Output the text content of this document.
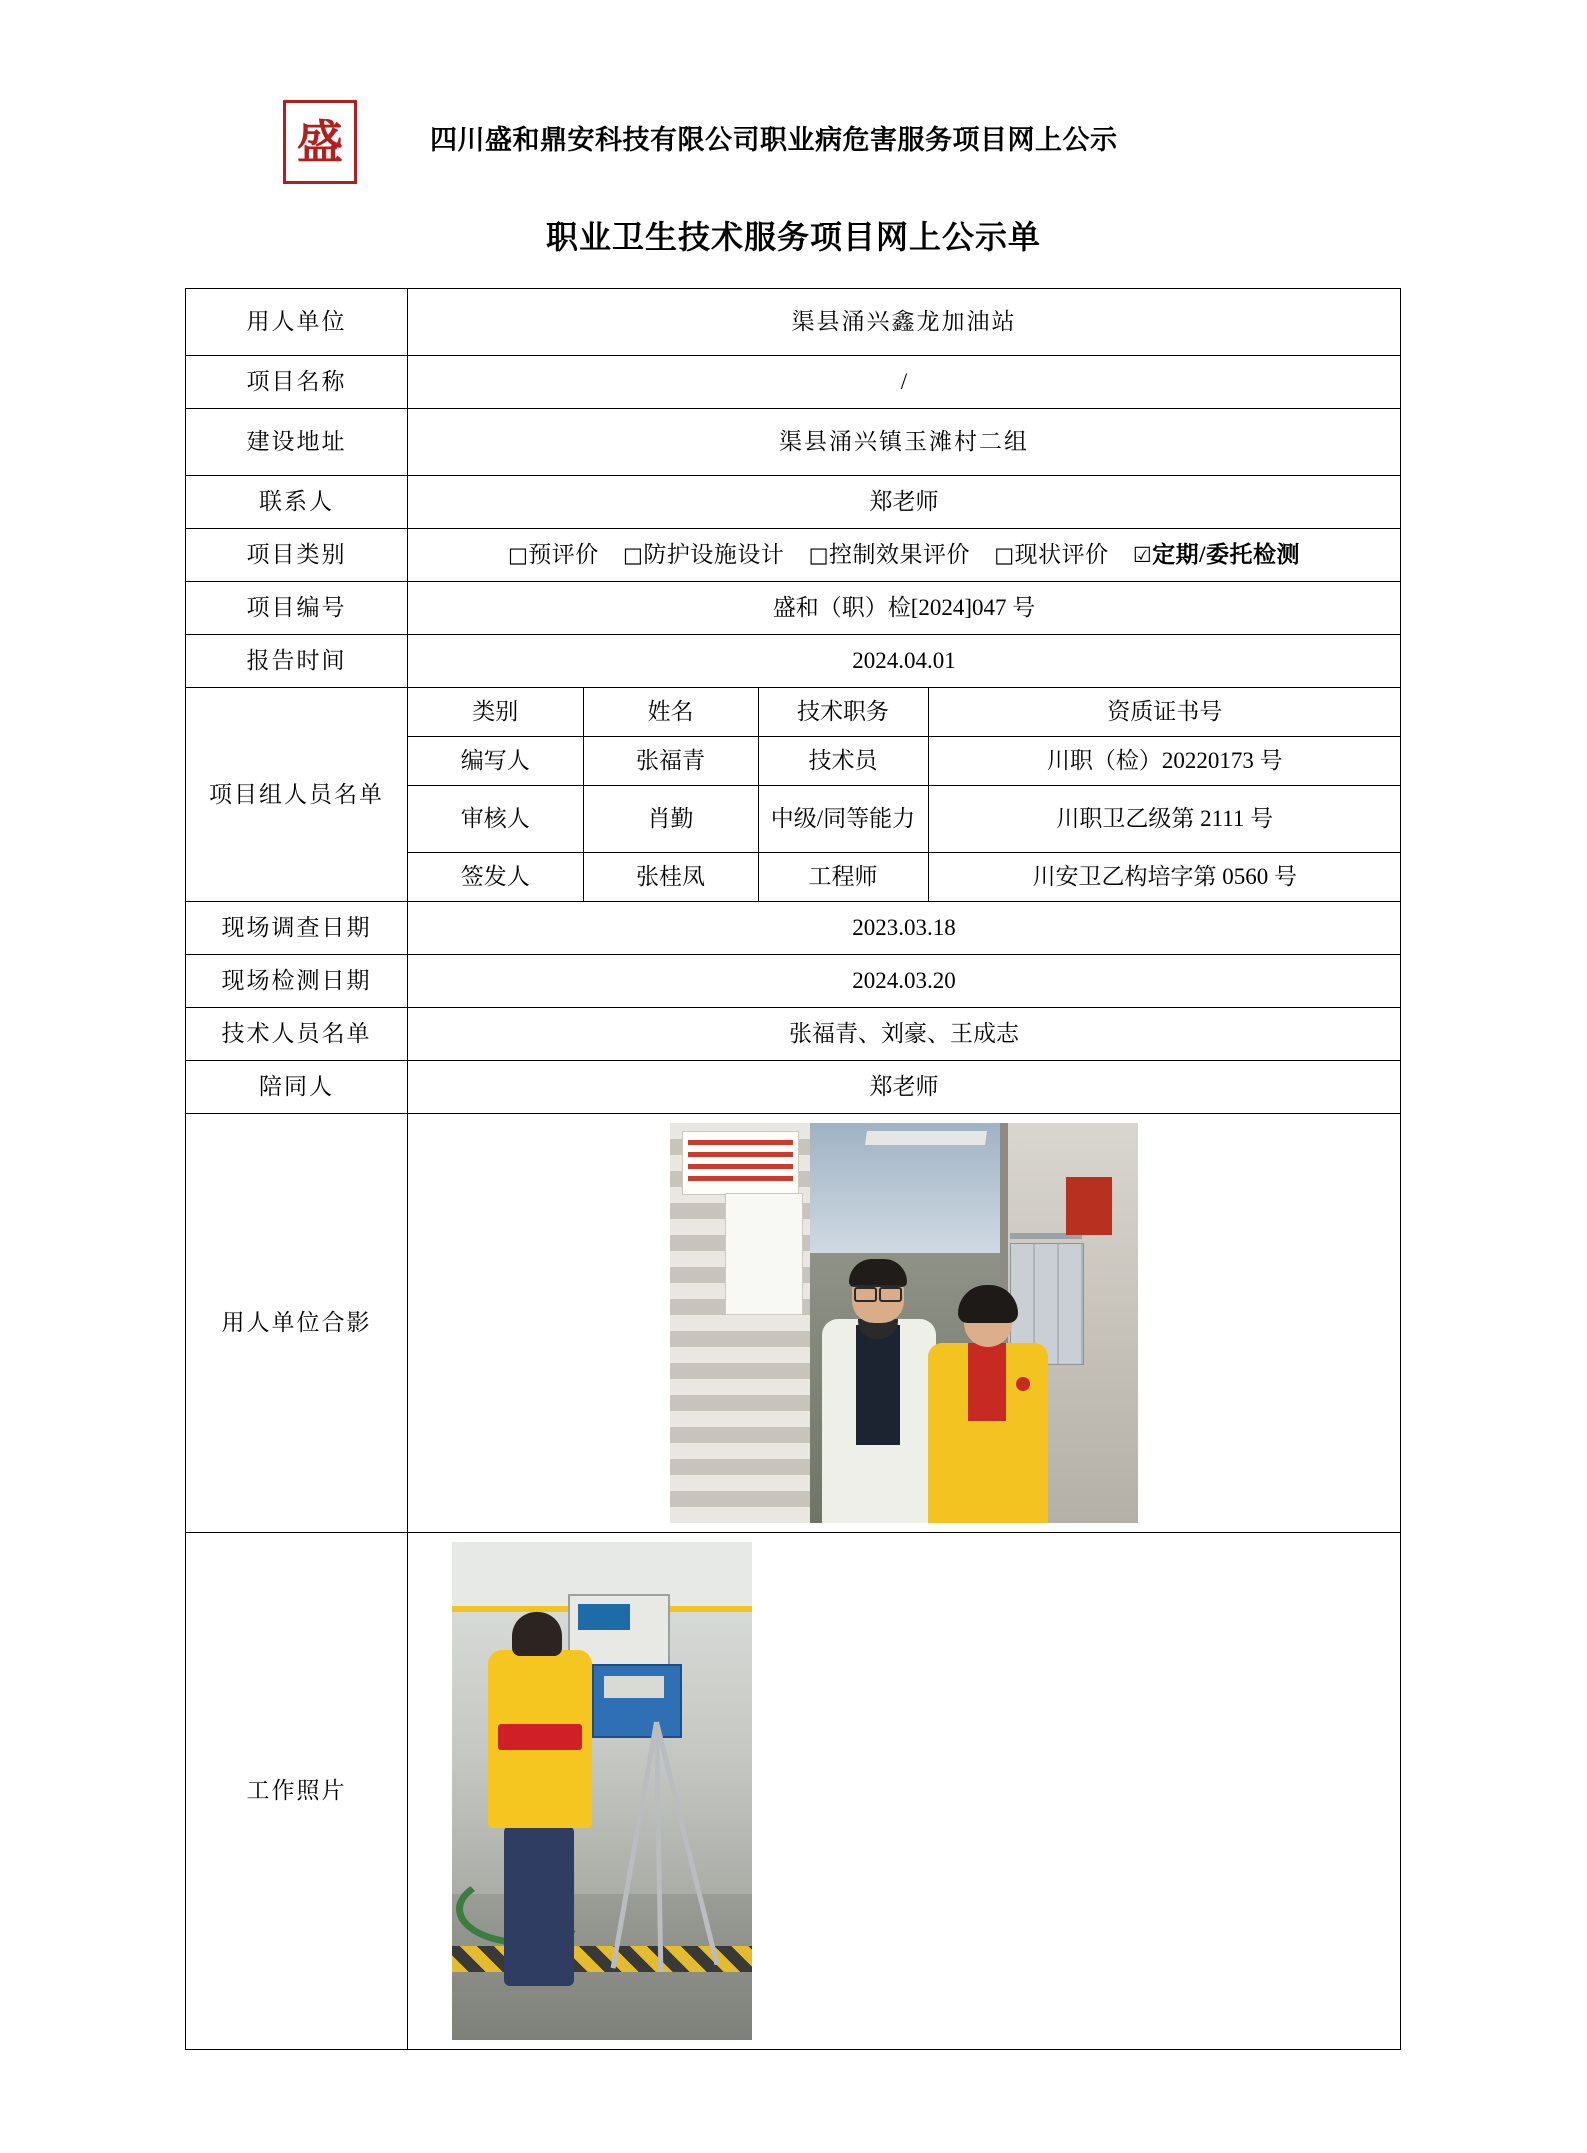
盛	四川盛和鼎安科技有限公司职业病危害服务项目网上公示
职业卫生技术服务项目网上公示单
用人单位	渠县涌兴鑫龙加油站
项目名称	/
建设地址	渠县涌兴镇玉滩村二组
联系人	郑老师
项目类别	□预评价 □防护设施设计 □控制效果评价 □现状评价 ☑定期/委托检测
项目编号	盛和（职）检[2024]047 号
报告时间	2024.04.01
项目组人员名单	
类别	姓名	技术职务	资质证书号
编写人	张福青	技术员	川职（检）20220173 号
审核人	肖勤	中级/同等能力	川职卫乙级第 2111 号
签发人	张桂凤	工程师	川安卫乙构培字第 0560 号

现场调查日期	2023.03.18
现场检测日期	2024.03.20
技术人员名单	张福青、刘豪、王成志
陪同人	郑老师
用人单位合影	

工作照片	
